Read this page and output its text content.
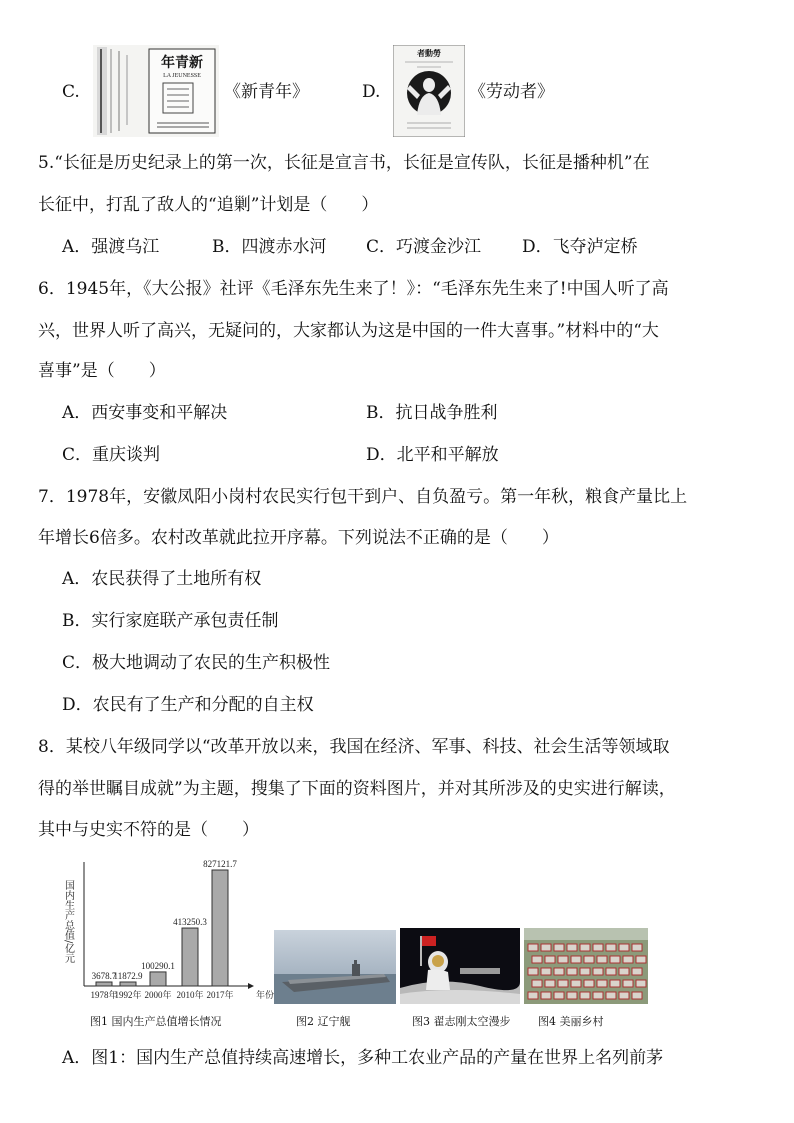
C.
年青新
LA JEUNESSE
《新青年》	D.
者動勞
《劳动者》
5.“长征是历史纪录上的第一次，长征是宣言书，长征是宣传队，长征是播种机”在
长征中，打乱了敌人的“追剿”计划是（　　）
A．强渡乌江	B．四渡赤水河 C．巧渡金沙江 D．飞夺泸定桥
6．1945年，《大公报》社评《毛泽东先生来了！》：“毛泽东先生来了!中国人听了高
兴，世界人听了高兴，无疑问的，大家都认为这是中国的一件大喜事。”材料中的“大
喜事”是（　　）
A．西安事变和平解决	B．抗日战争胜利
C．重庆谈判	D．北平和平解放
7．1978年，安徽凤阳小岗村农民实行包干到户、自负盈亏。第一年秋，粮食产量比上
年增长6倍多。农村改革就此拉开序幕。下列说法不正确的是（　　）
A．农民获得了土地所有权
B．实行家庭联产承包责任制
C．极大地调动了农民的生产积极性
D．农民有了生产和分配的自主权
8．某校八年级同学以“改革开放以来，我国在经济、军事、科技、社会生活等领域取
得的举世瞩目成就”为主题，搜集了下面的资料图片，并对其所涉及的史实进行解读，
其中与史实不符的是（　　）
国内生产总值/亿元
年份
3678.7
1978年
11872.9
1992年
100290.1
2000年
413250.3
2010年
827121.7
2017年
图1 国内生产总值增长情况	图2 辽宁舰	图3 翟志刚太空漫步	图4 美丽乡村
A．图1：国内生产总值持续高速增长，多种工农业产品的产量在世界上名列前茅
